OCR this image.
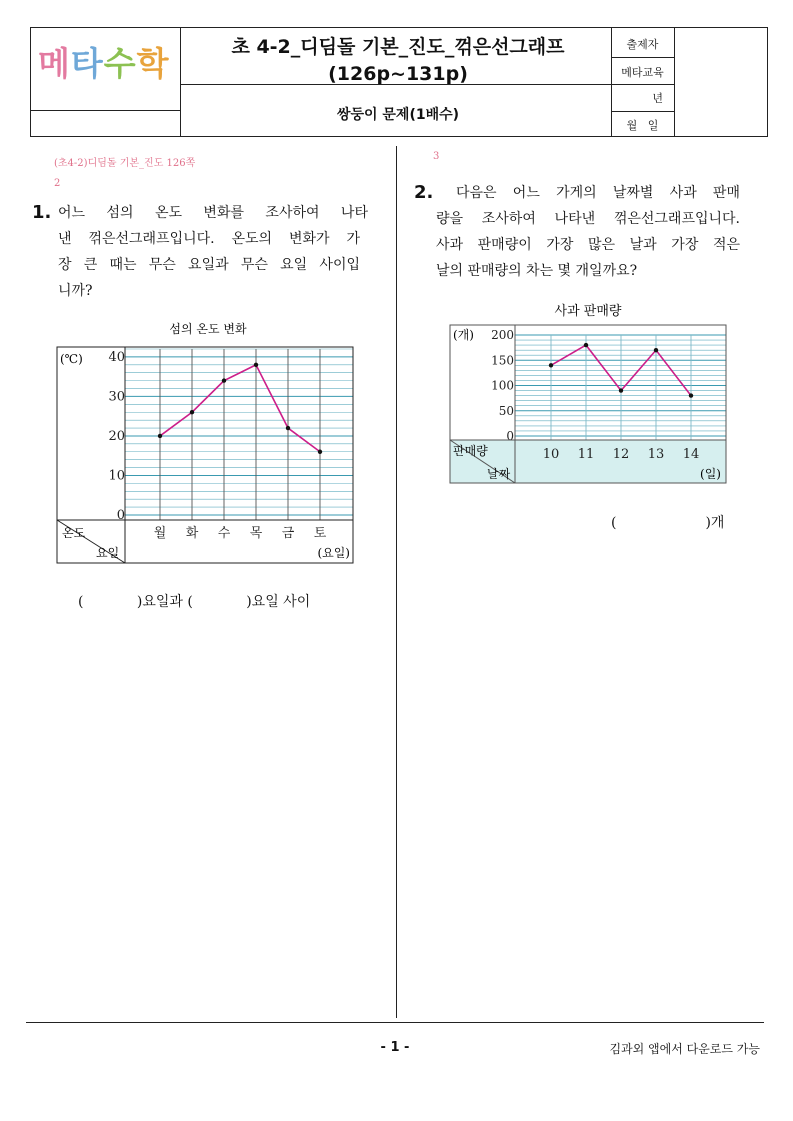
메타수학	초 4-2_디딤돌 기본_진도_꺾은선그래프
(126p~131p)
쌍둥이 문제(1배수)
출제자
메타교육
년
월   일
(초4-2)디딤돌 기본_진도 126쪽
2
1. 어느 섬의 온도 변화를 조사하여 나타
낸 꺾은선그래프입니다. 온도의 변화가 가
장 큰 때는 무슨 요일과 무슨 요일 사이입
니까?
섬의 온도 변화
0
10
20
30
40
월 화 수 목 금 토
(℃)
온도
요일	(요일)
(            )요일과 (            )요일 사이
3
2. 다음은 어느 가게의 날짜별 사과 판매
량을 조사하여 나타낸 꺾은선그래프입니다.
사과 판매량이 가장 많은 날과 가장 적은
날의 판매량의 차는 몇 개일까요?
사과 판매량
0
50
100
150
200
10 11 12 13 14
(개)
판매량
날짜	(일)
(                    )개
- 1 -	김과외 앱에서 다운로드 가능
